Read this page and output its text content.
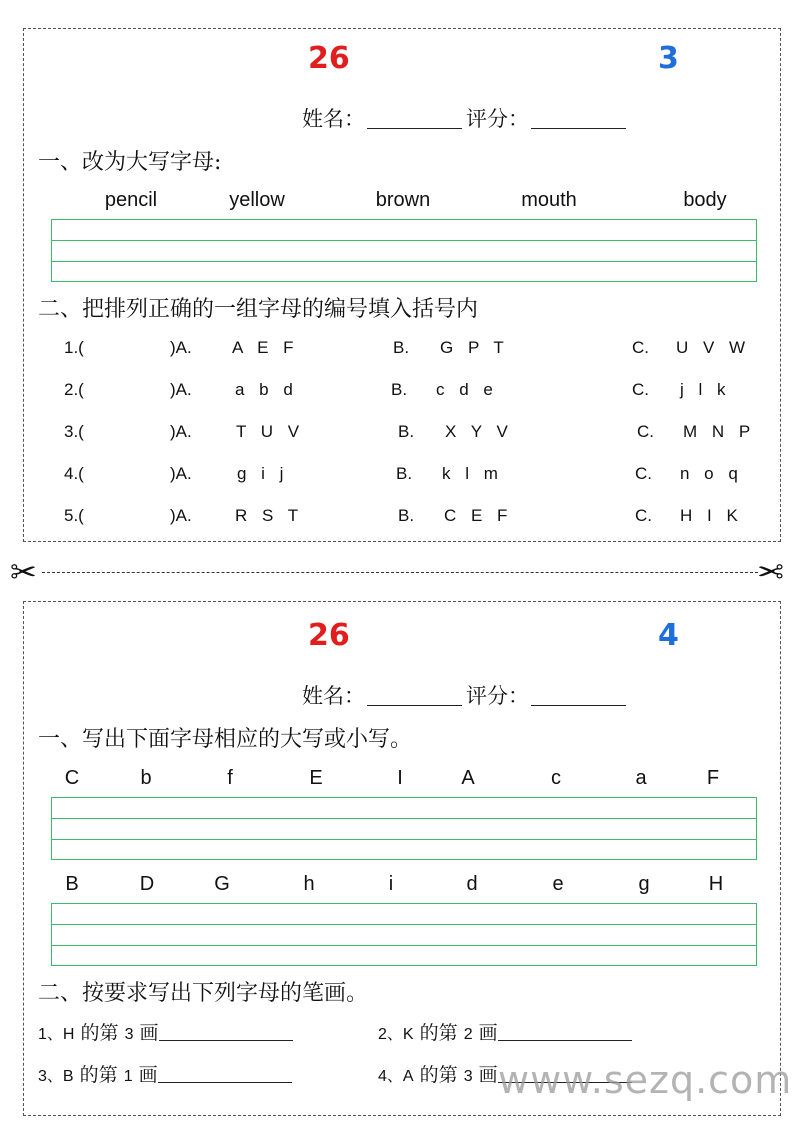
26	3
姓名：	评分：
一、改为大写字母:
pencil	yellow	brown	mouth	body
二、把排列正确的一组字母的编号填入括号内
1.(	)A. A E F	B. G P T	C. U V W
2.(	)A.	a b d	B. c d e	C. j l k
3.(	)A.	T U V	B. X Y V	C. M N P
4.(	)A.	g i j	B. k l m	C. n o q
5.(	)A.	R S T	B. C E F	C. H I K
✂	✂
26	4
姓名：	评分：
一、写出下面字母相应的大写或小写。
C	b	f	E	I	A	c	a	F
B	D	G	h	i	d	e	g	H
二、按要求写出下列字母的笔画。
1、H 的第 3 画	2、K 的第 2 画
3、B 的第 1 画	4、A 的第 3 画 www.sezq.com
